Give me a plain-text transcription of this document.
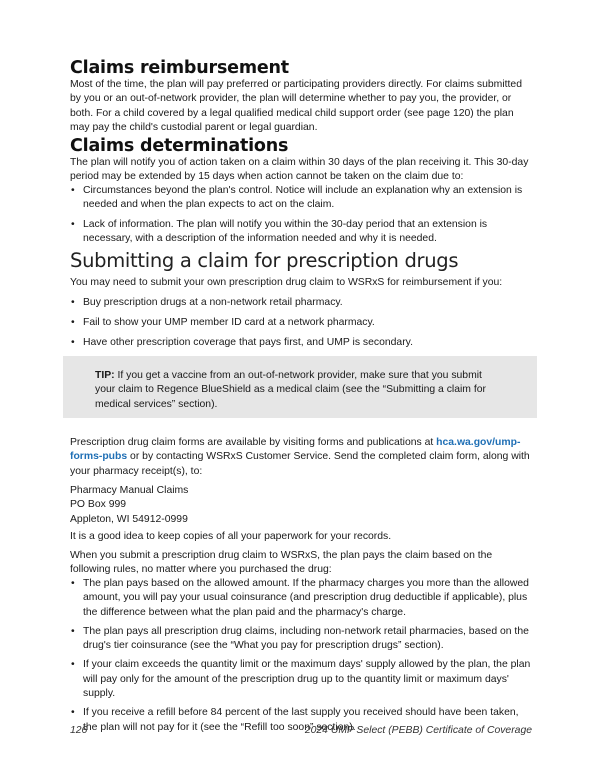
Claims reimbursement

Most of the time, the plan will pay preferred or participating providers directly. For claims submitted by you or an out-of-network provider, the plan will determine whether to pay you, the provider, or both. For a child covered by a legal qualified medical child support order (see page 120) the plan may pay the child's custodial parent or legal guardian.

Claims determinations

The plan will notify you of action taken on a claim within 30 days of the plan receiving it. This 30-day period may be extended by 15 days when action cannot be taken on the claim due to:

• Circumstances beyond the plan's control. Notice will include an explanation why an extension is needed and when the plan expects to act on the claim.
• Lack of information. The plan will notify you within the 30-day period that an extension is necessary, with a description of the information needed and why it is needed.
Submitting a claim for prescription drugs

You may need to submit your own prescription drug claim to WSRxS for reimbursement if you:

• Buy prescription drugs at a non-network retail pharmacy.
• Fail to show your UMP member ID card at a network pharmacy.
• Have other prescription coverage that pays first, and UMP is secondary.

TIP: If you get a vaccine from an out-of-network provider, make sure that you submit your claim to Regence BlueShield as a medical claim (see the “Submitting a claim for medical services” section).

Prescription drug claim forms are available by visiting forms and publications at hca.wa.gov/ump-forms-pubs or by contacting WSRxS Customer Service. Send the completed claim form, along with your pharmacy receipt(s), to:

Pharmacy Manual Claims

PO Box 999

Appleton, WI 54912-0999

It is a good idea to keep copies of all your paperwork for your records.

When you submit a prescription drug claim to WSRxS, the plan pays the claim based on the following rules, no matter where you purchased the drug:

• The plan pays based on the allowed amount. If the pharmacy charges you more than the allowed amount, you will pay your usual coinsurance (and prescription drug deductible if applicable), plus the difference between what the plan paid and the pharmacy's charge.
• The plan pays all prescription drug claims, including non-network retail pharmacies, based on the drug's tier coinsurance (see the “What you pay for prescription drugs” section).
• If your claim exceeds the quantity limit or the maximum days' supply allowed by the plan, the plan will pay only for the amount of the prescription drug up to the quantity limit or maximum days' supply.
• If you receive a refill before 84 percent of the last supply you received should have been taken, the plan will not pay for it (see the “Refill too soon” section).
126	2024 UMP Select (PEBB) Certificate of Coverage
